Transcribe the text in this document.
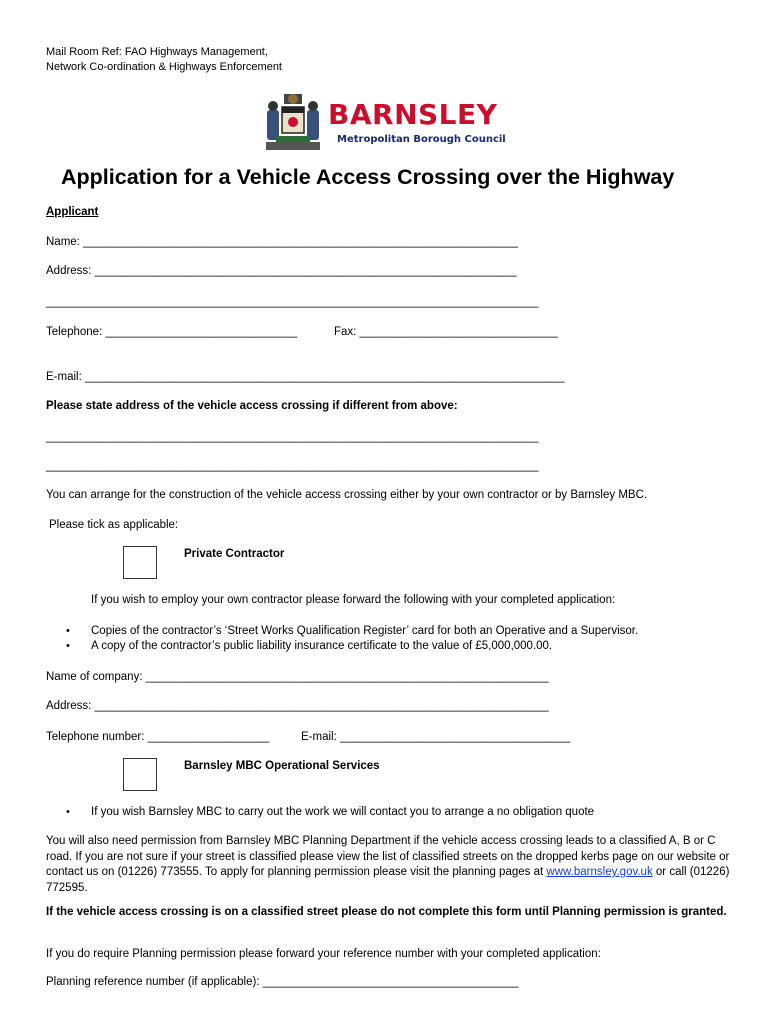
Mail Room Ref: FAO Highways Management,
Network Co-ordination & Highways Enforcement
BARNSLEY
Metropolitan Borough Council
Application for a Vehicle Access Crossing over the Highway
Applicant
Name: ____________________________________________________________________
Address: __________________________________________________________________
_____________________________________________________________________________
Telephone: ______________________________	Fax: _______________________________
E-mail: ___________________________________________________________________________
Please state address of the vehicle access crossing if different from above:
_____________________________________________________________________________
_____________________________________________________________________________
You can arrange for the construction of the vehicle access crossing either by your own contractor or by Barnsley MBC.
Please tick as applicable:
Private Contractor
If you wish to employ your own contractor please forward the following with your completed application:
• Copies of the contractor’s ‘Street Works Qualification Register’ card for both an Operative and a Supervisor.
• A copy of the contractor’s public liability insurance certificate to the value of £5,000,000.00.
Name of company: _______________________________________________________________
Address: _______________________________________________________________________
Telephone number: ___________________	E-mail: ____________________________________
Barnsley MBC Operational Services
• If you wish Barnsley MBC to carry out the work we will contact you to arrange a no obligation quote
You will also need permission from Barnsley MBC Planning Department if the vehicle access crossing leads to a classified A, B or C road. If you are not sure if your street is classified please view the list of classified streets on the dropped kerbs page on our website or contact us on (01226) 773555. To apply for planning permission please visit the planning pages at www.barnsley.gov.uk or call (01226) 772595.
If the vehicle access crossing is on a classified street please do not complete this form until Planning permission is granted.
If you do require Planning permission please forward your reference number with your completed application:
Planning reference number (if applicable): ________________________________________
